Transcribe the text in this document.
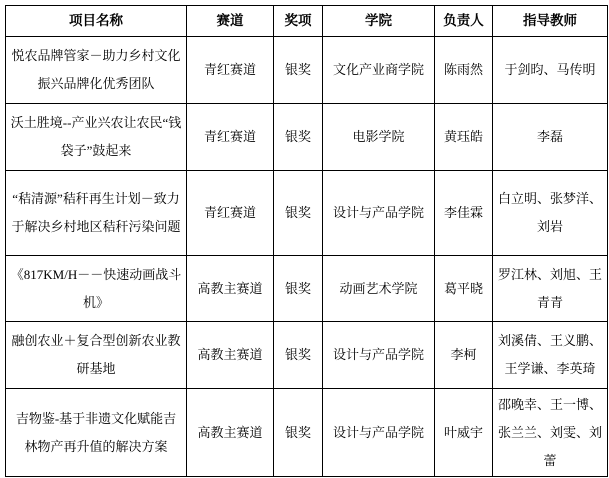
项目名称	赛道	奖项	学院	负责人	指导教师
悦农品牌管家－助力乡村文化振兴品牌化优秀团队	青红赛道	银奖	文化产业商学院	陈雨然	于剑昀、马传明
沃土胜境--产业兴农让农民“钱袋子”鼓起来	青红赛道	银奖	电影学院	黄珏皓	李磊
“秸清源”秸秆再生计划－致力于解决乡村地区秸秆污染问题	青红赛道	银奖	设计与产品学院	李佳霖	白立明、张梦洋、刘岩
《817KM/H－－快速动画战斗机》	高教主赛道	银奖	动画艺术学院	葛平晓	罗江林、刘旭、王青青
融创农业＋复合型创新农业教研基地	高教主赛道	银奖	设计与产品学院	李柯	刘溪倩、王义鹏、王学谦、李英琦
吉物鉴-基于非遗文化赋能吉林物产再升值的解决方案	高教主赛道	银奖	设计与产品学院	叶威宇	邵晚幸、王一博、张兰兰、刘雯、刘蕾
